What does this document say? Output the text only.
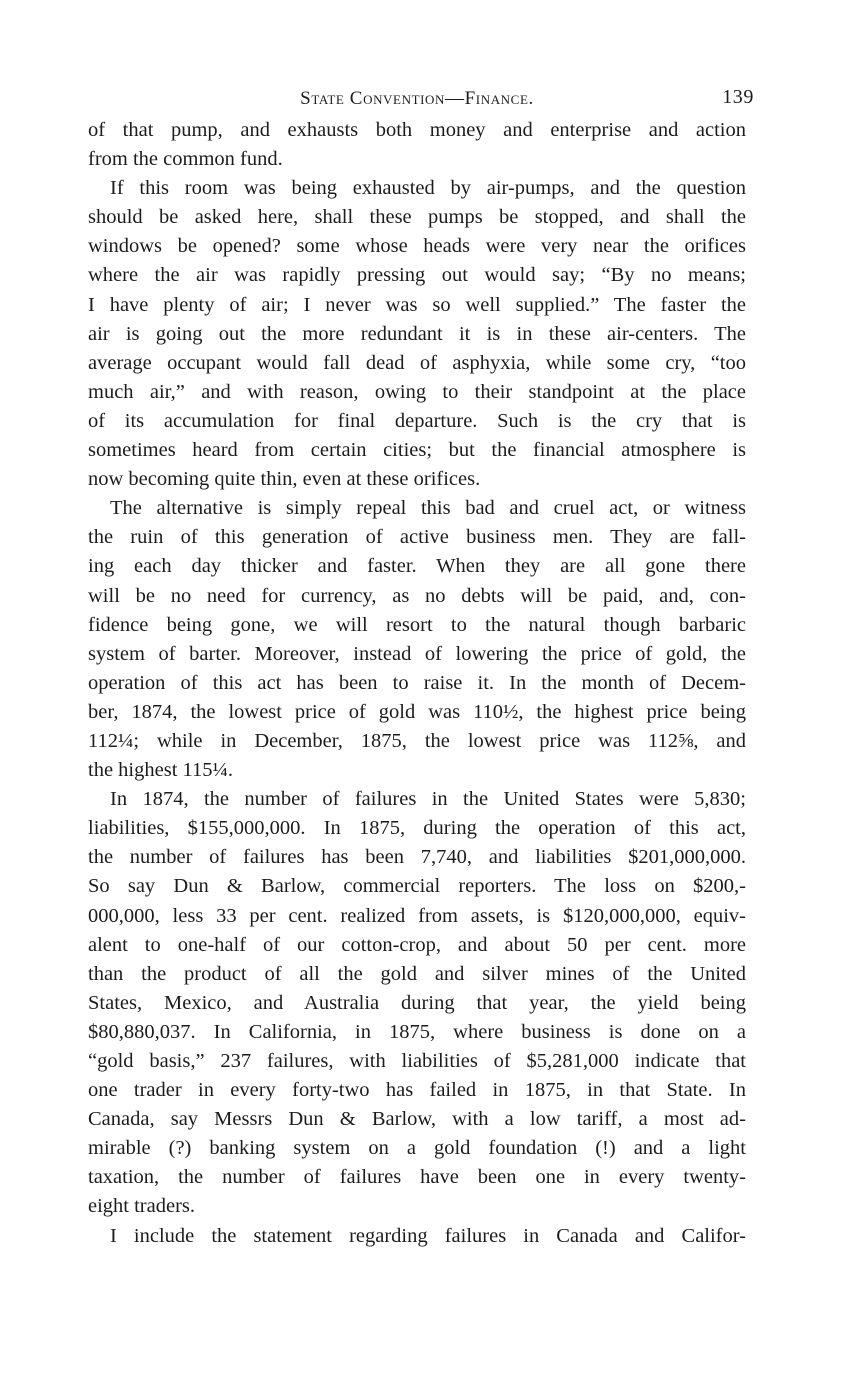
State Convention—Finance.	139
of that pump, and exhausts both money and enterprise and action
from the common fund.
If this room was being exhausted by air-pumps, and the question
should be asked here, shall these pumps be stopped, and shall the
windows be opened? some whose heads were very near the orifices
where the air was rapidly pressing out would say; “By no means;
I have plenty of air; I never was so well supplied.” The faster the
air is going out the more redundant it is in these air-centers. The
average occupant would fall dead of asphyxia, while some cry, “too
much air,” and with reason, owing to their standpoint at the place
of its accumulation for final departure. Such is the cry that is
sometimes heard from certain cities; but the financial atmosphere is
now becoming quite thin, even at these orifices.
The alternative is simply repeal this bad and cruel act, or witness
the ruin of this generation of active business men. They are fall-
ing each day thicker and faster. When they are all gone there
will be no need for currency, as no debts will be paid, and, con-
fidence being gone, we will resort to the natural though barbaric
system of barter. Moreover, instead of lowering the price of gold, the
operation of this act has been to raise it. In the month of Decem-
ber, 1874, the lowest price of gold was 110½, the highest price being
112¼; while in December, 1875, the lowest price was 112⅝, and
the highest 115¼.
In 1874, the number of failures in the United States were 5,830;
liabilities, $155,000,000. In 1875, during the operation of this act,
the number of failures has been 7,740, and liabilities $201,000,000.
So say Dun & Barlow, commercial reporters. The loss on $200,-
000,000, less 33 per cent. realized from assets, is $120,000,000, equiv-
alent to one-half of our cotton-crop, and about 50 per cent. more
than the product of all the gold and silver mines of the United
States, Mexico, and Australia during that year, the yield being
$80,880,037. In California, in 1875, where business is done on a
“gold basis,” 237 failures, with liabilities of $5,281,000 indicate that
one trader in every forty-two has failed in 1875, in that State. In
Canada, say Messrs Dun & Barlow, with a low tariff, a most ad-
mirable (?) banking system on a gold foundation (!) and a light
taxation, the number of failures have been one in every twenty-
eight traders.
I include the statement regarding failures in Canada and Califor-
